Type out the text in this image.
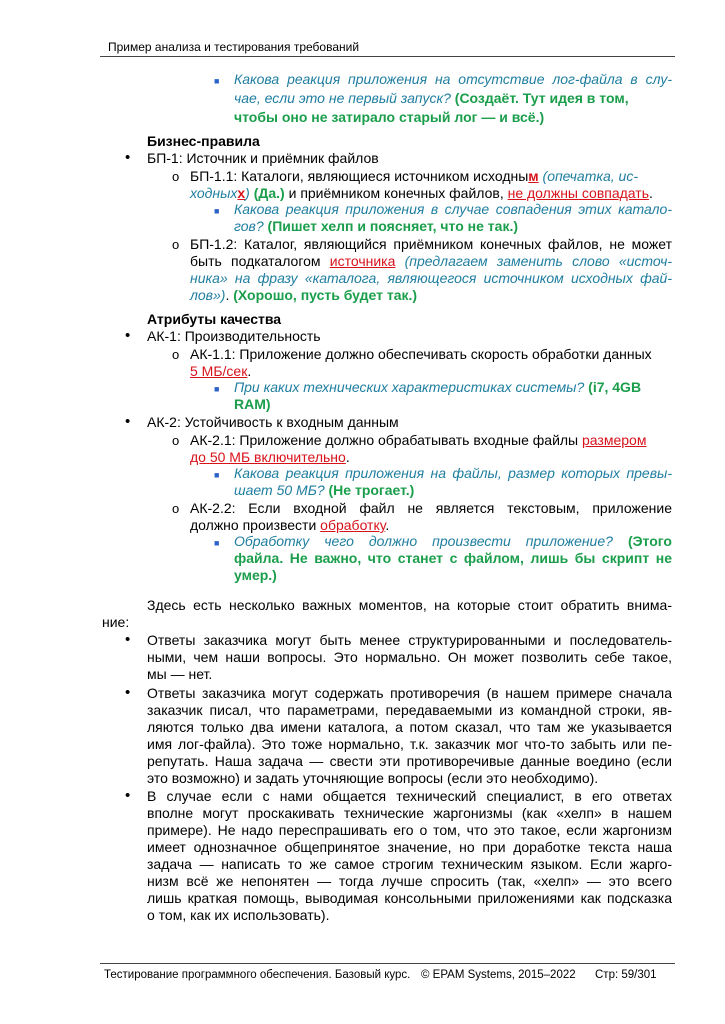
Пример анализа и тестирования требований
■ Какова реакция приложения на отсутствие лог-файла в слу-
чае, если это не первый запуск? (Создаёт. Тут идея в том,
чтобы оно не затирало старый лог — и всё.)
Бизнес-правила
• БП-1: Источник и приёмник файлов
o БП-1.1: Каталоги, являющиеся источником исходным (опечатка, ис-
ходныхх) (Да.) и приёмником конечных файлов, не должны совпадать.
■ Какова реакция приложения в случае совпадения этих катало-
гов? (Пишет хелп и поясняет, что не так.)
o БП-1.2: Каталог, являющийся приёмником конечных файлов, не может
быть подкаталогом источника (предлагаем заменить слово «источ-
ника» на фразу «каталога, являющегося источником исходных фай-
лов»). (Хорошо, пусть будет так.)
Атрибуты качества
• АК-1: Производительность
o АК-1.1: Приложение должно обеспечивать скорость обработки данных
5 МБ/сек.
■ При каких технических характеристиках системы? (i7, 4GB
RAM)
• АК-2: Устойчивость к входным данным
o АК-2.1: Приложение должно обрабатывать входные файлы размером
до 50 МБ включительно.
■ Какова реакция приложения на файлы, размер которых превы-
шает 50 МБ? (Не трогает.)
o АК-2.2: Если входной файл не является текстовым, приложение
должно произвести обработку.
■ Обработку чего должно произвести приложение? (Этого
файла. Не важно, что станет с файлом, лишь бы скрипт не
умер.)
Здесь есть несколько важных моментов, на которые стоит обратить внима-
ние:
• Ответы заказчика могут быть менее структурированными и последователь-
ными, чем наши вопросы. Это нормально. Он может позволить себе такое,
мы — нет.
• Ответы заказчика могут содержать противоречия (в нашем примере сначала
заказчик писал, что параметрами, передаваемыми из командной строки, яв-
ляются только два имени каталога, а потом сказал, что там же указывается
имя лог-файла). Это тоже нормально, т.к. заказчик мог что-то забыть или пе-
репутать. Наша задача — свести эти противоречивые данные воедино (если
это возможно) и задать уточняющие вопросы (если это необходимо).
• В случае если с нами общается технический специалист, в его ответах
вполне могут проскакивать технические жаргонизмы (как «хелп» в нашем
примере). Не надо переспрашивать его о том, что это такое, если жаргонизм
имеет однозначное общепринятое значение, но при доработке текста наша
задача — написать то же самое строгим техническим языком. Если жарго-
низм всё же непонятен — тогда лучше спросить (так, «хелп» — это всего
лишь краткая помощь, выводимая консольными приложениями как подсказка
о том, как их использовать).
Тестирование программного обеспечения. Базовый курс. © EPAM Systems, 2015–2022 Стр: 59/301
